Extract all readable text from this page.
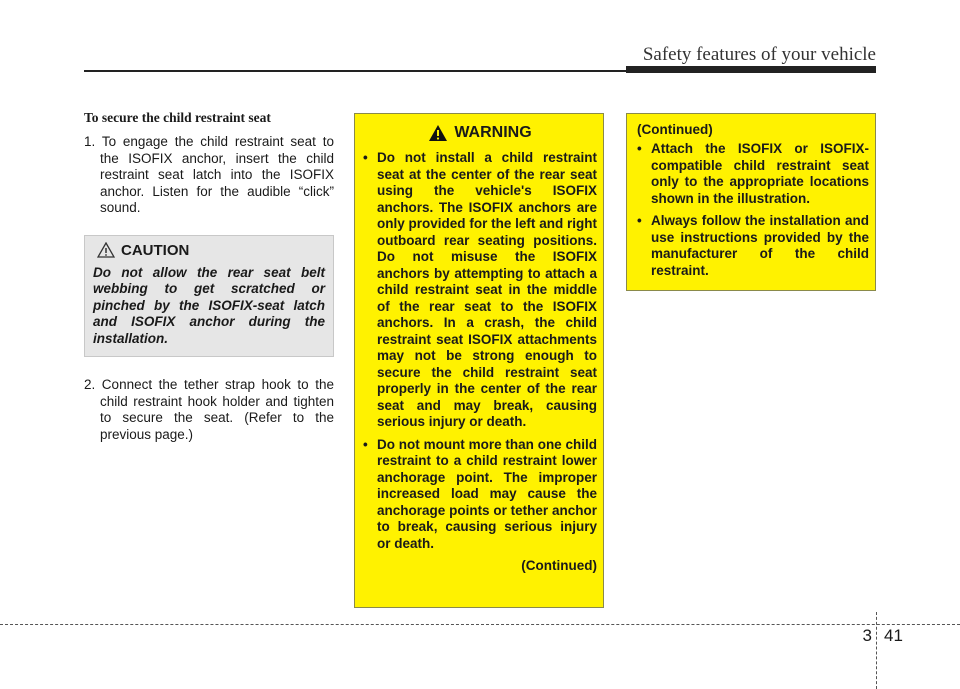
Safety features of your vehicle

To secure the child restraint seat

1. To engage the child restraint seat to the ISOFIX anchor, insert the child restraint seat latch into the ISOFIX anchor. Listen for the audible “click” sound.

CAUTION
Do not allow the rear seat belt webbing to get scratched or pinched by the ISOFIX-seat latch and ISOFIX anchor during the installation.

2. Connect the tether strap hook to the child restraint hook holder and tighten to secure the seat. (Refer to the previous page.)

WARNING
• Do not install a child restraint seat at the center of the rear seat using the vehicle's ISOFIX anchors. The ISOFIX anchors are only provided for the left and right outboard rear seating positions. Do not misuse the ISOFIX anchors by attempting to attach a child restraint seat in the middle of the rear seat to the ISOFIX anchors. In a crash, the child restraint seat ISOFIX attachments may not be strong enough to secure the child restraint seat properly in the center of the rear seat and may break, causing serious injury or death.
• Do not mount more than one child restraint to a child restraint lower anchorage point. The improper increased load may cause the anchorage points or tether anchor to break, causing serious injury or death.
(Continued)
(Continued)
• Attach the ISOFIX or ISOFIX-compatible child restraint seat only to the appropriate locations shown in the illustration.
• Always follow the installation and use instructions provided by the manufacturer of the child restraint.
3 41
